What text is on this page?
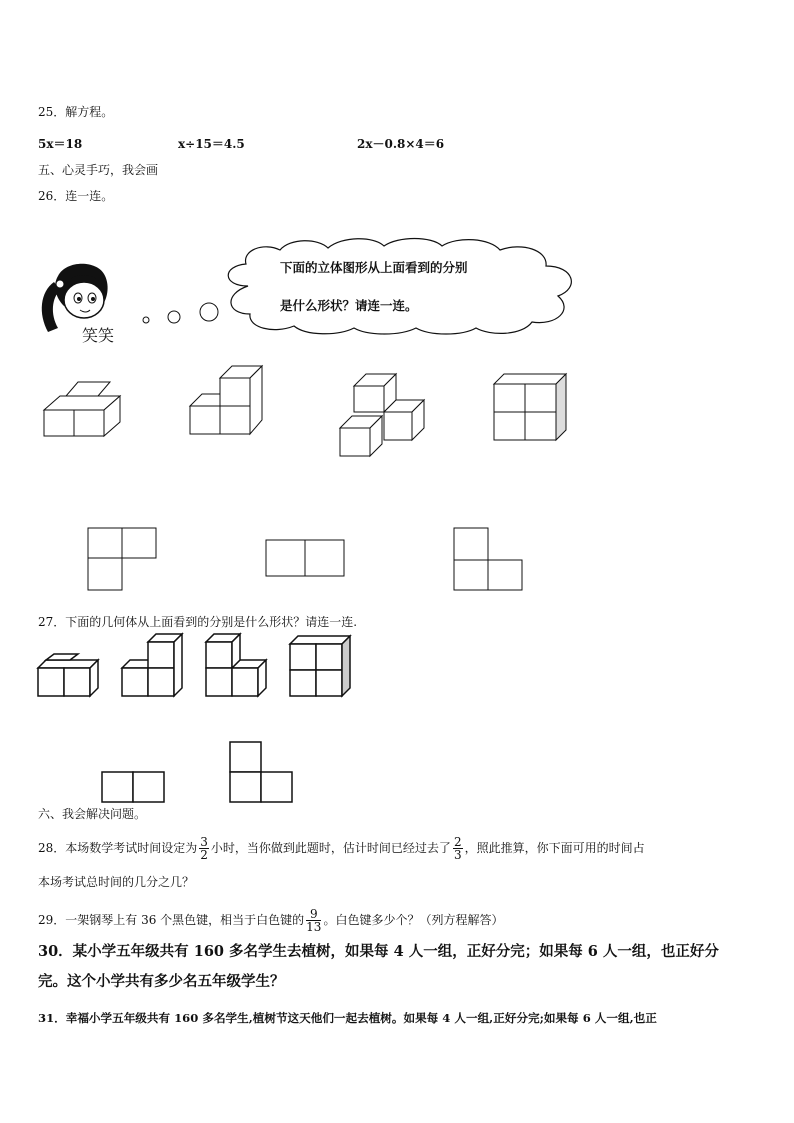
25．解方程。
5x＝18	x÷15＝4.5	2x－0.8×4＝6
五、心灵手巧，我会画
26．连一连。
笑笑
下面的立体图形从上面看到的分别
是什么形状？请连一连。
27．下面的几何体从上面看到的分别是什么形状？请连一连.
六、我会解决问题。
28．本场数学考试时间设定为 $\frac{3}{2}$ 小时，当你做到此题时，估计时间已经过去了 $\frac{2}{3}$ ，照此推算，你下面可用的时间占
本场考试总时间的几分之几？
29．一架钢琴上有 36 个黑色键，相当于白色键的 $\frac{9}{13}$ 。白色键多少个？（列方程解答）
30．某小学五年级共有 160 多名学生去植树，如果每 4 人一组，正好分完；如果每 6 人一组，也正好分
完。这个小学共有多少名五年级学生？
31．幸福小学五年级共有 160 多名学生,植树节这天他们一起去植树。如果每 4 人一组,正好分完;如果每 6 人一组,也正
